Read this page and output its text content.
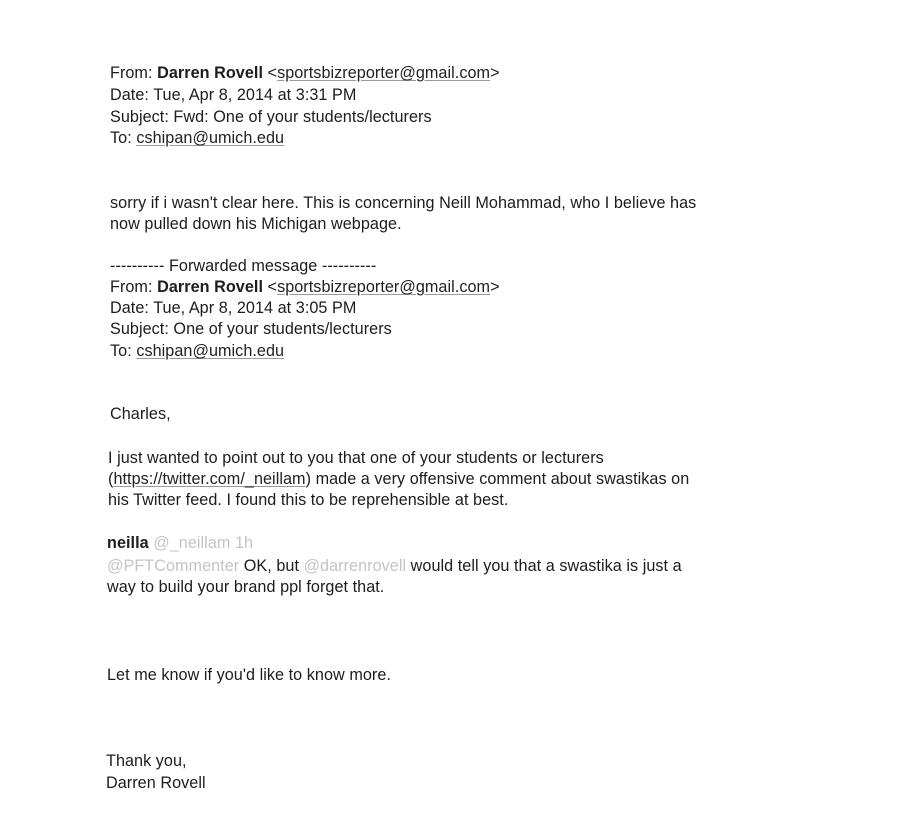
From: Darren Rovell <sportsbizreporter@gmail.com>
Date: Tue, Apr 8, 2014 at 3:31 PM
Subject: Fwd: One of your students/lecturers
To: cshipan@umich.edu
sorry if i wasn't clear here. This is concerning Neill Mohammad, who I believe has
now pulled down his Michigan webpage.
---------- Forwarded message ----------
From: Darren Rovell <sportsbizreporter@gmail.com>
Date: Tue, Apr 8, 2014 at 3:05 PM
Subject: One of your students/lecturers
To: cshipan@umich.edu
Charles,
I just wanted to point out to you that one of your students or lecturers
(https://twitter.com/_neillam) made a very offensive comment about swastikas on
his Twitter feed. I found this to be reprehensible at best.
neilla @_neillam 1h
@PFTCommenter OK, but @darrenrovell would tell you that a swastika is just a
way to build your brand ppl forget that.
Let me know if you'd like to know more.
Thank you,
Darren Rovell
